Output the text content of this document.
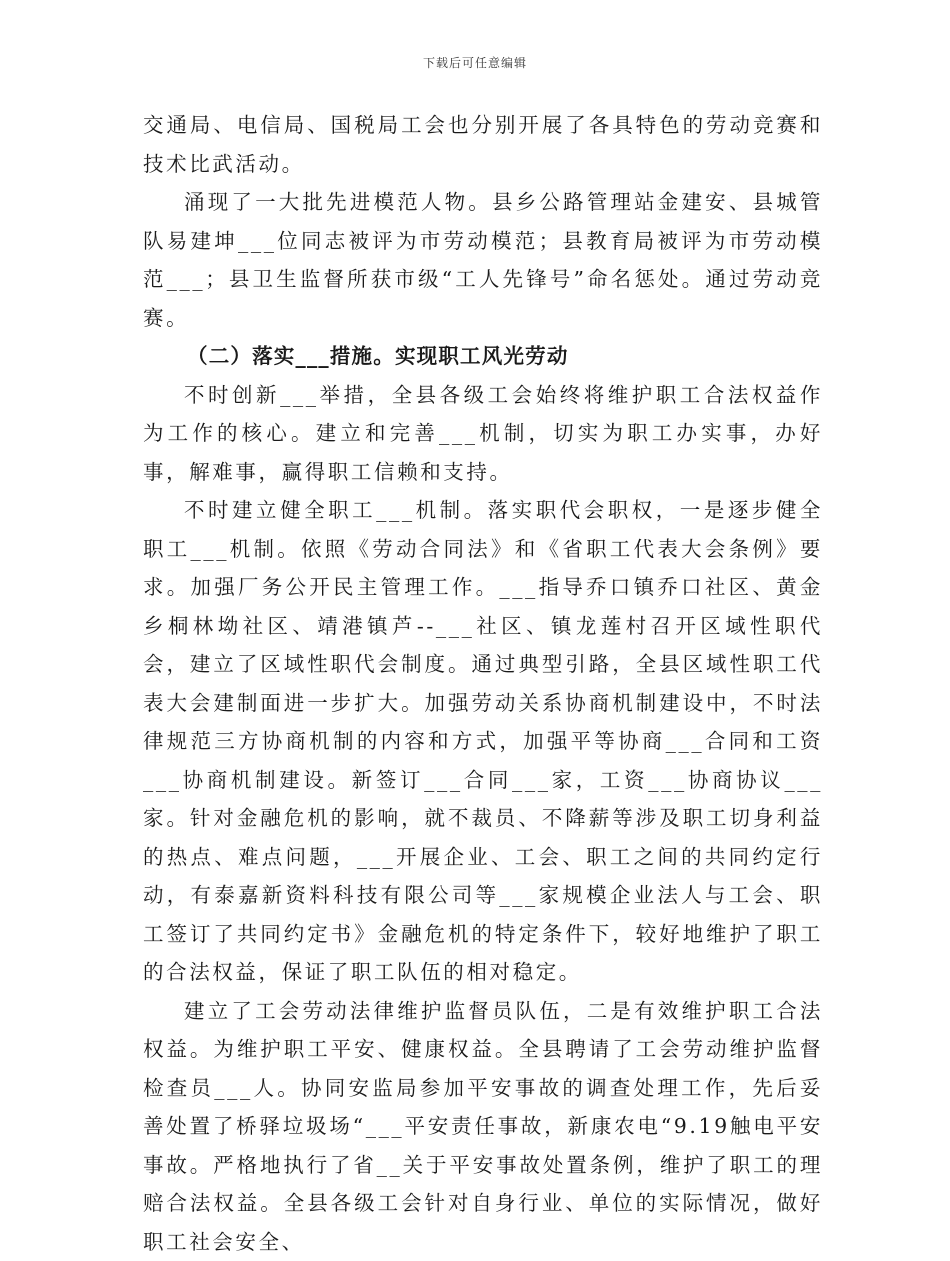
下载后可任意编辑

交通局、电信局、国税局工会也分别开展了各具特色的劳动竞赛和技术比武活动。

涌现了一大批先进模范人物。县乡公路管理站金建安、县城管队易建坤___位同志被评为市劳动模范；县教育局被评为市劳动模范___；县卫生监督所获市级“工人先锋号”命名惩处。通过劳动竞赛。

（二）落实___措施。实现职工风光劳动

不时创新___举措，全县各级工会始终将维护职工合法权益作为工作的核心。建立和完善___机制，切实为职工办实事，办好事，解难事，赢得职工信赖和支持。

不时建立健全职工___机制。落实职代会职权，一是逐步健全职工___机制。依照《劳动合同法》和《省职工代表大会条例》要求。加强厂务公开民主管理工作。___指导乔口镇乔口社区、黄金乡桐林坳社区、靖港镇芦--___社区、镇龙莲村召开区域性职代会，建立了区域性职代会制度。通过典型引路，全县区域性职工代表大会建制面进一步扩大。加强劳动关系协商机制建设中，不时法律规范三方协商机制的内容和方式，加强平等协商___合同和工资___协商机制建设。新签订___合同___家，工资___协商协议___家。针对金融危机的影响，就不裁员、不降薪等涉及职工切身利益的热点、难点问题，___开展企业、工会、职工之间的共同约定行动，有泰嘉新资料科技有限公司等___家规模企业法人与工会、职工签订了共同约定书》金融危机的特定条件下，较好地维护了职工的合法权益，保证了职工队伍的相对稳定。

建立了工会劳动法律维护监督员队伍，二是有效维护职工合法权益。为维护职工平安、健康权益。全县聘请了工会劳动维护监督检查员___人。协同安监局参加平安事故的调查处理工作，先后妥善处置了桥驿垃圾场“___平安责任事故，新康农电“9.19触电平安事故。严格地执行了省__关于平安事故处置条例，维护了职工的理赔合法权益。全县各级工会针对自身行业、单位的实际情况，做好职工社会安全、
